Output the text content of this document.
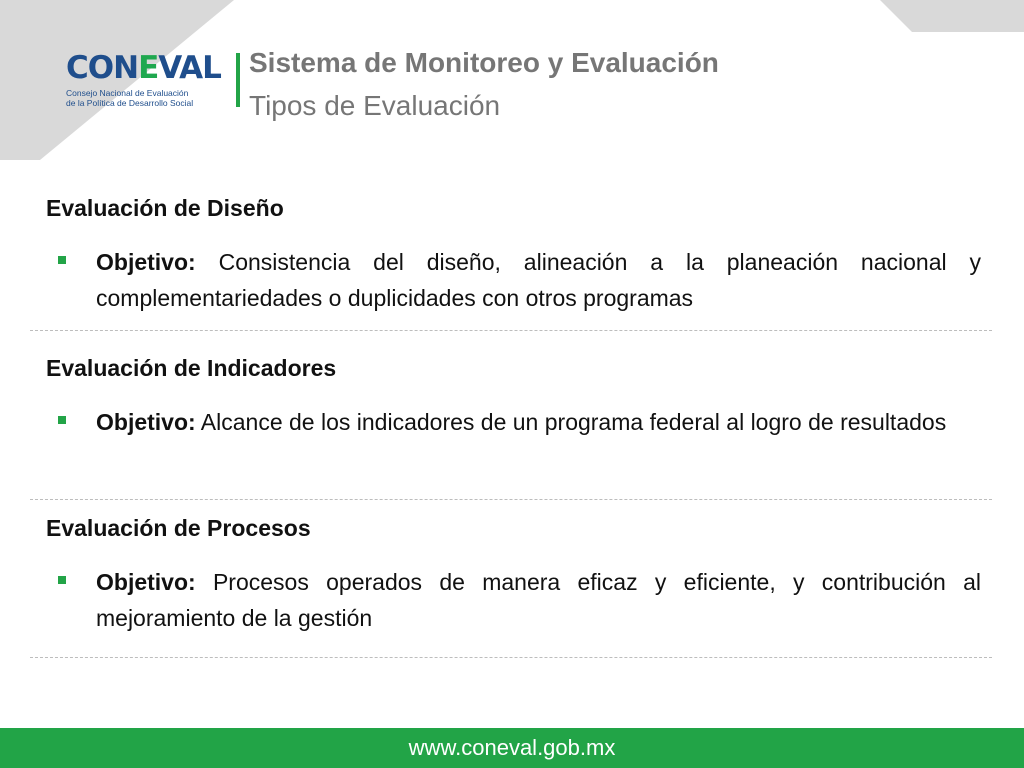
CON E VAL
Consejo Nacional de Evaluación
de la Política de Desarrollo Social
Sistema de Monitoreo y Evaluación
Tipos de Evaluación
Evaluación de Diseño
Objetivo: Consistencia del diseño, alineación a la planeación nacional y complementariedades o duplicidades con otros programas
Evaluación de Indicadores
Objetivo: Alcance de los indicadores de un programa federal al logro de resultados
Evaluación de Procesos
Objetivo: Procesos operados de manera eficaz y eficiente, y contribución al mejoramiento de la gestión
www.coneval.gob.mx
